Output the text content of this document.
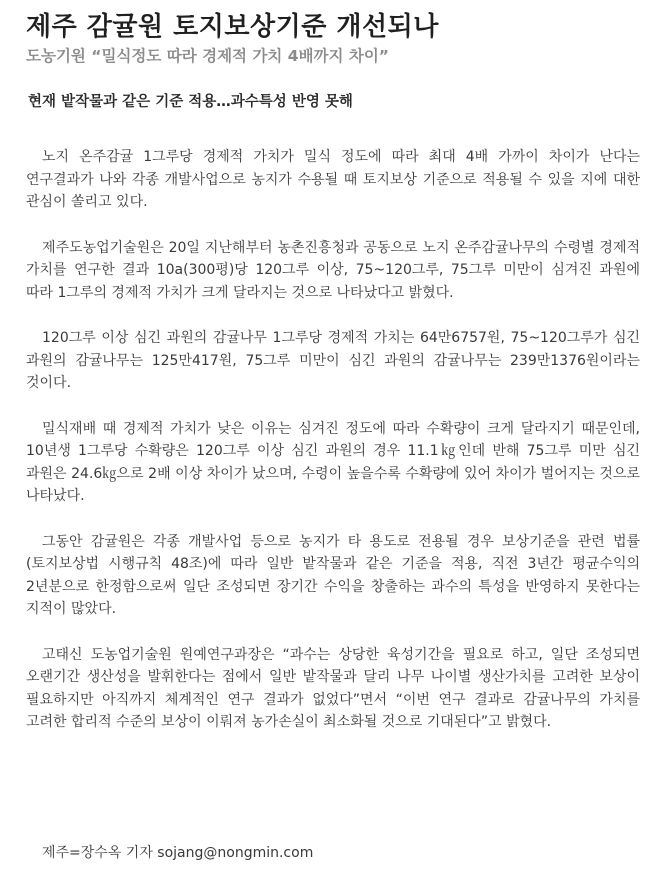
제주 감귤원 토지보상기준 개선되나
도농기원 “밀식정도 따라 경제적 가치 4배까지 차이”
현재 밭작물과 같은 기준 적용…과수특성 반영 못해

노지 온주감귤 1그루당 경제적 가치가 밀식 정도에 따라 최대 4배 가까이 차이가 난다는 연구결과가 나와 각종 개발사업으로 농지가 수용될 때 토지보상 기준으로 적용될 수 있을 지에 대한 관심이 쏠리고 있다.

제주도농업기술원은 20일 지난해부터 농촌진흥청과 공동으로 노지 온주감귤나무의 수령별 경제적 가치를 연구한 결과 10a(300평)당 120그루 이상, 75~120그루, 75그루 미만이 심겨진 과원에 따라 1그루의 경제적 가치가 크게 달라지는 것으로 나타났다고 밝혔다.

120그루 이상 심긴 과원의 감귤나무 1그루당 경제적 가치는 64만6757원, 75~120그루가 심긴 과원의 감귤나무는 125만417원, 75그루 미만이 심긴 과원의 감귤나무는 239만1376원이라는 것이다.

밀식재배 때 경제적 가치가 낮은 이유는 심겨진 정도에 따라 수확량이 크게 달라지기 때문인데, 10년생 1그루당 수확량은 120그루 이상 심긴 과원의 경우 11.1㎏인데 반해 75그루 미만 심긴 과원은 24.6㎏으로 2배 이상 차이가 났으며, 수령이 높을수록 수확량에 있어 차이가 벌어지는 것으로 나타났다.

그동안 감귤원은 각종 개발사업 등으로 농지가 타 용도로 전용될 경우 보상기준을 관련 법률(토지보상법 시행규칙 48조)에 따라 일반 밭작물과 같은 기준을 적용, 직전 3년간 평균수익의 2년분으로 한정함으로써 일단 조성되면 장기간 수익을 창출하는 과수의 특성을 반영하지 못한다는 지적이 많았다.

고태신 도농업기술원 원예연구과장은 “과수는 상당한 육성기간을 필요로 하고, 일단 조성되면 오랜기간 생산성을 발휘한다는 점에서 일반 밭작물과 달리 나무 나이별 생산가치를 고려한 보상이 필요하지만 아직까지 체계적인 연구 결과가 없었다”면서 “이번 연구 결과로 감귤나무의 가치를 고려한 합리적 수준의 보상이 이뤄져 농가손실이 최소화될 것으로 기대된다”고 밝혔다.

제주=장수옥 기자 sojang@nongmin.com
